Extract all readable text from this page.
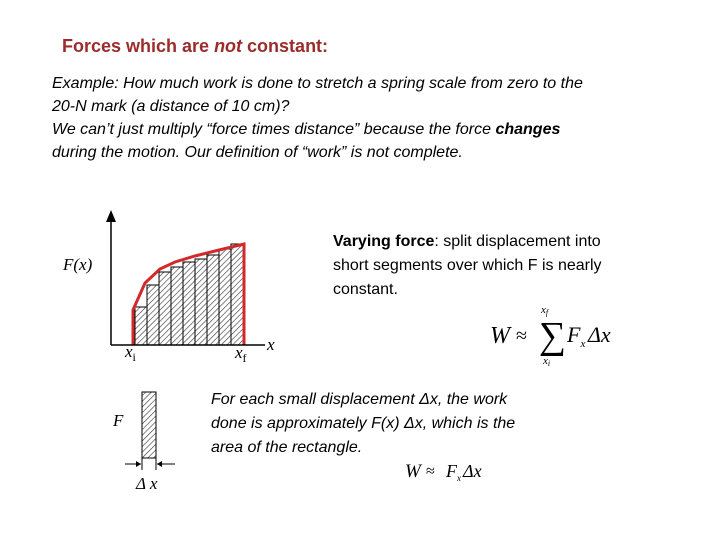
Forces which are not constant:
Example: How much work is done to stretch a spring scale from zero to the
20-N mark (a distance of 10 cm)?
We can’t just multiply “force times distance” because the force changes
during the motion. Our definition of “work” is not complete.
Varying force: split displacement into
short segments over which F is nearly
constant.
F(x)
x
$x_i$	$x_f$
W ≈ ∑
xf
xi
$F_x$ Δx
F
Δ x
$W \approx F_x$ Δx
For each small displacement Δx, the work
done is approximately F(x) Δx, which is the
area of the rectangle.
